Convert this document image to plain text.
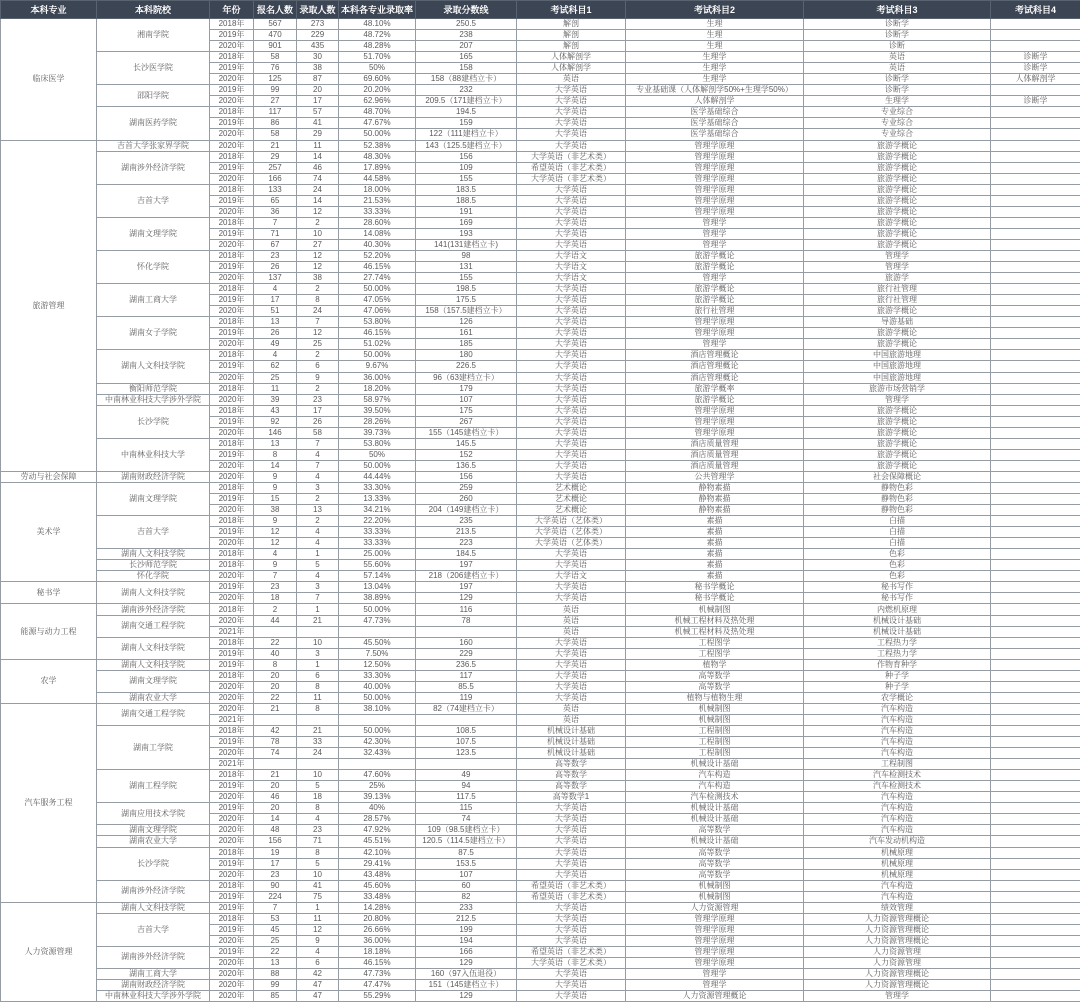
本科专业	本科院校	年份	报名人数	录取人数	本科各专业录取率	录取分数线	考试科目1	考试科目2	考试科目3	考试科目4
临床医学	湘南学院	2018年	567	273	48.10%	250.5	解剖	生理	诊断学	
		2019年	470	229	48.72%	238	解剖	生理	诊断学	
		2020年	901	435	48.28%	207	解剖	生理	诊断	
	长沙医学院	2018年	58	30	51.70%	165	人体解剖学	生理学	英语	诊断学
		2019年	76	38	50%	158	人体解剖学	生理学	英语	诊断学
		2020年	125	87	69.60%	158（88建档立卡）	英语	生理学	诊断学	人体解剖学
	邵阳学院	2019年	99	20	20.20%	232	大学英语	专业基础课（人体解剖学50%+生理学50%）	诊断学	
		2020年	27	17	62.96%	209.5（171建档立卡）	大学英语	人体解剖学	生理学	诊断学
	湖南医药学院	2018年	117	57	48.70%	194.5	大学英语	医学基础综合	专业综合	
		2019年	86	41	47.67%	159	大学英语	医学基础综合	专业综合	
		2020年	58	29	50.00%	122（111建档立卡）	大学英语	医学基础综合	专业综合	
旅游管理	吉首大学张家界学院	2020年	21	11	52.38%	143（125.5建档立卡）	大学英语	管理学原理	旅游学概论	
	湖南涉外经济学院	2018年	29	14	48.30%	156	大学英语（非艺术类）	管理学原理	旅游学概论	
		2019年	257	46	17.89%	109	希望英语（非艺术类）	管理学原理	旅游学概论	
		2020年	166	74	44.58%	155	大学英语（非艺术类）	管理学原理	旅游学概论	
	吉首大学	2018年	133	24	18.00%	183.5	大学英语	管理学原理	旅游学概论	
		2019年	65	14	21.53%	188.5	大学英语	管理学原理	旅游学概论	
		2020年	36	12	33.33%	191	大学英语	管理学原理	旅游学概论	
	湖南文理学院	2018年	7	2	28.60%	169	大学英语	管理学	旅游学概论	
		2019年	71	10	14.08%	193	大学英语	管理学	旅游学概论	
		2020年	67	27	40.30%	141(131建档立卡)	大学英语	管理学	旅游学概论	
	怀化学院	2018年	23	12	52.20%	98	大学语文	旅游学概论	管理学	
		2019年	26	12	46.15%	131	大学语文	旅游学概论	管理学	
		2020年	137	38	27.74%	155	大学语文	管理学	旅游学	
	湖南工商大学	2018年	4	2	50.00%	198.5	大学英语	旅游学概论	旅行社管理	
		2019年	17	8	47.05%	175.5	大学英语	旅游学概论	旅行社管理	
		2020年	51	24	47.06%	158（157.5建档立卡）	大学英语	旅行社管理	旅游学概论	
	湖南女子学院	2018年	13	7	53.80%	126	大学英语	管理学原理	导游基础	
		2019年	26	12	46.15%	161	大学英语	管理学原理	旅游学概论	
		2020年	49	25	51.02%	185	大学英语	管理学	旅游学概论	
	湖南人文科技学院	2018年	4	2	50.00%	180	大学英语	酒店管理概论	中国旅游地理	
		2019年	62	6	9.67%	226.5	大学英语	酒店管理概论	中国旅游地理	
		2020年	25	9	36.00%	96（63建档立卡）	大学英语	酒店管理概论	中国旅游地理	
	衡阳师范学院	2018年	11	2	18.20%	179	大学英语	旅游学概率	旅游市场营销学	
	中南林业科技大学涉外学院	2020年	39	23	58.97%	107	大学英语	旅游学概论	管理学	
	长沙学院	2018年	43	17	39.50%	175	大学英语	管理学原理	旅游学概论	
		2019年	92	26	28.26%	267	大学英语	管理学原理	旅游学概论	
		2020年	146	58	39.73%	155（145建档立卡）	大学英语	管理学原理	旅游学概论	
	中南林业科技大学	2018年	13	7	53.80%	145.5	大学英语	酒店质量管理	旅游学概论	
		2019年	8	4	50%	152	大学英语	酒店质量管理	旅游学概论	
		2020年	14	7	50.00%	136.5	大学英语	酒店质量管理	旅游学概论	
劳动与社会保障	湖南财政经济学院	2020年	9	4	44.44%	156	大学英语	公共管理学	社会保障概论	
美术学	湖南文理学院	2018年	9	3	33.30%	259	艺术概论	静物素描	静物色彩	
		2019年	15	2	13.33%	260	艺术概论	静物素描	静物色彩	
		2020年	38	13	34.21%	204（149建档立卡）	艺术概论	静物素描	静物色彩	
	吉首大学	2018年	9	2	22.20%	235	大学英语（艺体类）	素描	白描	
		2019年	12	4	33.33%	213.5	大学英语（艺体类）	素描	白描	
		2020年	12	4	33.33%	223	大学英语（艺体类）	素描	白描	
	湖南人文科技学院	2018年	4	1	25.00%	184.5	大学英语	素描	色彩	
	长沙师范学院	2018年	9	5	55.60%	197	大学英语	素描	色彩	
	怀化学院	2020年	7	4	57.14%	218（206建档立卡）	大学语文	素描	色彩	
秘书学	湖南人文科技学院	2019年	23	3	13.04%	197	大学英语	秘书学概论	秘书写作	
		2020年	18	7	38.89%	129	大学英语	秘书学概论	秘书写作	
能源与动力工程	湖南涉外经济学院	2018年	2	1	50.00%	116	英语	机械制图	内燃机原理	
	湖南交通工程学院	2020年	44	21	47.73%	78	英语	机械工程材料及热处理	机械设计基础	
		2021年					英语	机械工程材料及热处理	机械设计基础	
	湖南人文科技学院	2018年	22	10	45.50%	160	大学英语	工程图学	工程热力学	
		2019年	40	3	7.50%	229	大学英语	工程图学	工程热力学	
农学	湖南人文科技学院	2019年	8	1	12.50%	236.5	大学英语	植物学	作物育种学	
	湖南文理学院	2018年	20	6	33.30%	117	大学英语	高等数学	种子学	
		2020年	20	8	40.00%	85.5	大学英语	高等数学	种子学	
	湖南农业大学	2020年	22	11	50.00%	119	大学英语	植物与植物生理	农学概论	
汽车服务工程	湖南交通工程学院	2020年	21	8	38.10%	82（74建档立卡）	英语	机械制图	汽车构造	
		2021年					英语	机械制图	汽车构造	
	湖南工学院	2018年	42	21	50.00%	108.5	机械设计基础	工程制图	汽车构造	
		2019年	78	33	42.30%	107.5	机械设计基础	工程制图	汽车构造	
		2020年	74	24	32.43%	123.5	机械设计基础	工程制图	汽车构造	
		2021年					高等数学	机械设计基础	工程制图	
	湖南工程学院	2018年	21	10	47.60%	49	高等数学	汽车构造	汽车检测技术	
		2019年	20	5	25%	94	高等数学	汽车构造	汽车检测技术	
		2020年	46	18	39.13%	117.5	高等数学1	汽车检测技术	汽车构造	
	湖南应用技术学院	2019年	20	8	40%	115	大学英语	机械设计基础	汽车构造	
		2020年	14	4	28.57%	74	大学英语	机械设计基础	汽车构造	
	湖南文理学院	2020年	48	23	47.92%	109（98.5建档立卡）	大学英语	高等数学	汽车构造	
	湖南农业大学	2020年	156	71	45.51%	120.5（114.5建档立卡）	大学英语	机械设计基础	汽车发动机构造	
	长沙学院	2018年	19	8	42.10%	87.5	大学英语	高等数学	机械原理	
		2019年	17	5	29.41%	153.5	大学英语	高等数学	机械原理	
		2020年	23	10	43.48%	107	大学英语	高等数学	机械原理	
	湖南涉外经济学院	2018年	90	41	45.60%	60	希望英语（非艺术类）	机械制图	汽车构造	
		2019年	224	75	33.48%	82	希望英语（非艺术类）	机械制图	汽车构造	
人力资源管理	湖南人文科技学院	2019年	7	1	14.28%	233	大学英语	人力资源管理	绩效管理	
	吉首大学	2018年	53	11	20.80%	212.5	大学英语	管理学原理	人力资源管理概论	
		2019年	45	12	26.66%	199	大学英语	管理学原理	人力资源管理概论	
		2020年	25	9	36.00%	194	大学英语	管理学原理	人力资源管理概论	
	湖南涉外经济学院	2019年	22	4	18.18%	166	希望英语（非艺术类）	管理学原理	人力资源管理	
		2020年	13	6	46.15%	129	大学英语（非艺术类）	管理学原理	人力资源管理	
	湖南工商大学	2020年	88	42	47.73%	160（97入伍退役）	大学英语	管理学	人力资源管理概论	
	湖南财政经济学院	2020年	99	47	47.47%	151（145建档立卡）	大学英语	管理学	人力资源管理概论	
	中南林业科技大学涉外学院	2020年	85	47	55.29%	129	大学英语	人力资源管理概论	管理学	
